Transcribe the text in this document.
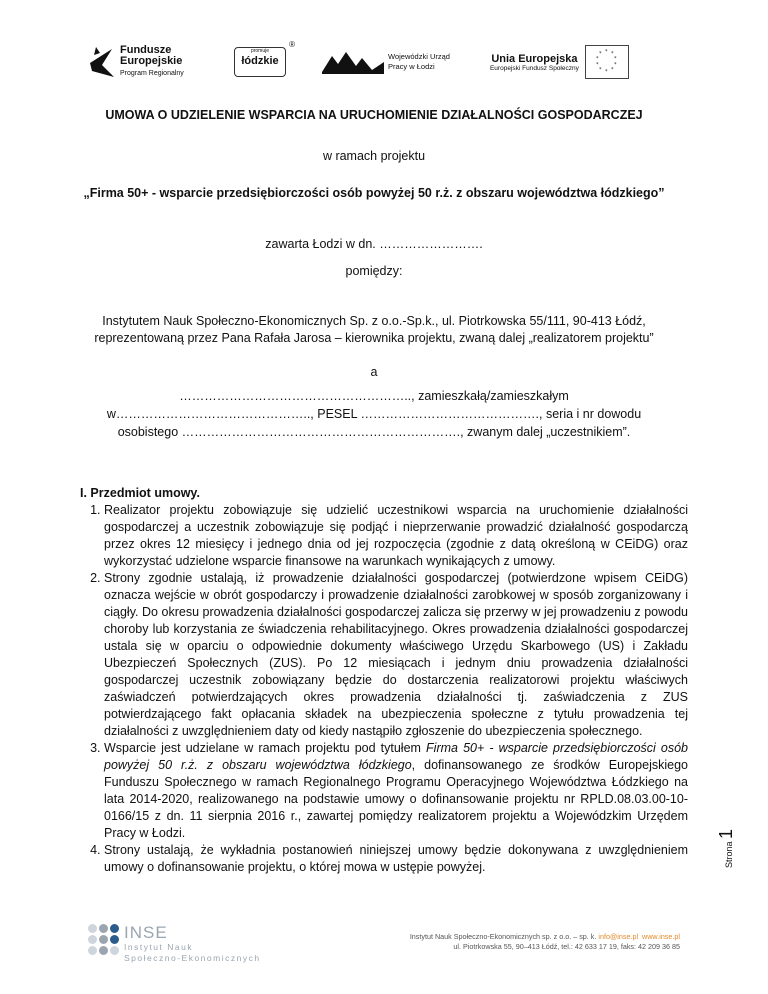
Fundusze
Europejskie
Program Regionalny
promuje
łódzkie
®
Wojewódzki Urząd
Pracy w Łodzi
Unia Europejska
Europejski Fundusz Społeczny
* *
*
*
*
*
*
*
*
*
UMOWA O UDZIELENIE WSPARCIA NA URUCHOMIENIE DZIAŁALNOŚCI GOSPODARCZEJ
w ramach projektu
„Firma 50+ - wsparcie przedsiębiorczości osób powyżej 50 r.ż. z obszaru województwa łódzkiego”
zawarta Łodzi w dn. …………………….
pomiędzy:
Instytutem Nauk Społeczno-Ekonomicznych Sp. z o.o.-Sp.k., ul. Piotrkowska 55/111, 90-413 Łódź, reprezentowaną przez Pana Rafała Jarosa – kierownika projektu, zwaną dalej „realizatorem projektu”
a
……………………………………………….., zamieszkałą/zamieszkałym w……………………………………….., PESEL ……………………………………., seria i nr dowodu osobistego …………………………………………………………., zwanym dalej „uczestnikiem”.
I. Przedmiot umowy.
1. Realizator projektu zobowiązuje się udzielić uczestnikowi wsparcia na uruchomienie działalności gospodarczej a uczestnik zobowiązuje się podjąć i nieprzerwanie prowadzić działalność gospodarczą przez okres 12 miesięcy i jednego dnia od jej rozpoczęcia (zgodnie z datą określoną w CEiDG) oraz wykorzystać udzielone wsparcie finansowe na warunkach wynikających z umowy.
2. Strony zgodnie ustalają, iż prowadzenie działalności gospodarczej (potwierdzone wpisem CEiDG) oznacza wejście w obrót gospodarczy i prowadzenie działalności zarobkowej w sposób zorganizowany i ciągły. Do okresu prowadzenia działalności gospodarczej zalicza się przerwy w jej prowadzeniu z powodu choroby lub korzystania ze świadczenia rehabilitacyjnego. Okres prowadzenia działalności gospodarczej ustala się w oparciu o odpowiednie dokumenty właściwego Urzędu Skarbowego (US) i Zakładu Ubezpieczeń Społecznych (ZUS). Po 12 miesiącach i jednym dniu prowadzenia działalności gospodarczej uczestnik zobowiązany będzie do dostarczenia realizatorowi projektu właściwych zaświadczeń potwierdzających okres prowadzenia działalności tj. zaświadczenia z ZUS potwierdzającego fakt opłacania składek na ubezpieczenia społeczne z tytułu prowadzenia tej działalności z uwzględnieniem daty od kiedy nastąpiło zgłoszenie do ubezpieczenia społecznego.
3. Wsparcie jest udzielane w ramach projektu pod tytułem Firma 50+ - wsparcie przedsiębiorczości osób powyżej 50 r.ż. z obszaru województwa łódzkiego, dofinansowanego ze środków Europejskiego Funduszu Społecznego w ramach Regionalnego Programu Operacyjnego Województwa Łódzkiego na lata 2014-2020, realizowanego na podstawie umowy o dofinansowanie projektu nr RPLD.08.03.00-10-0166/15 z dn. 11 sierpnia 2016 r., zawartej pomiędzy realizatorem projektu a Wojewódzkim Urzędem Pracy w Łodzi.
4. Strony ustalają, że wykładnia postanowień niniejszej umowy będzie dokonywana z uwzględnieniem umowy o dofinansowanie projektu, o której mowa w ustępie powyżej.	Strona 1
INSE
Instytut Nauk
Społeczno-Ekonomicznych
Instytut Nauk Społeczno-Ekonomicznych sp. z o.o. – sp. k. info@inse.pl www.inse.pl
ul. Piotrkowska 55, 90–413 Łódź, tel.: 42 633 17 19, faks: 42 209 36 85
